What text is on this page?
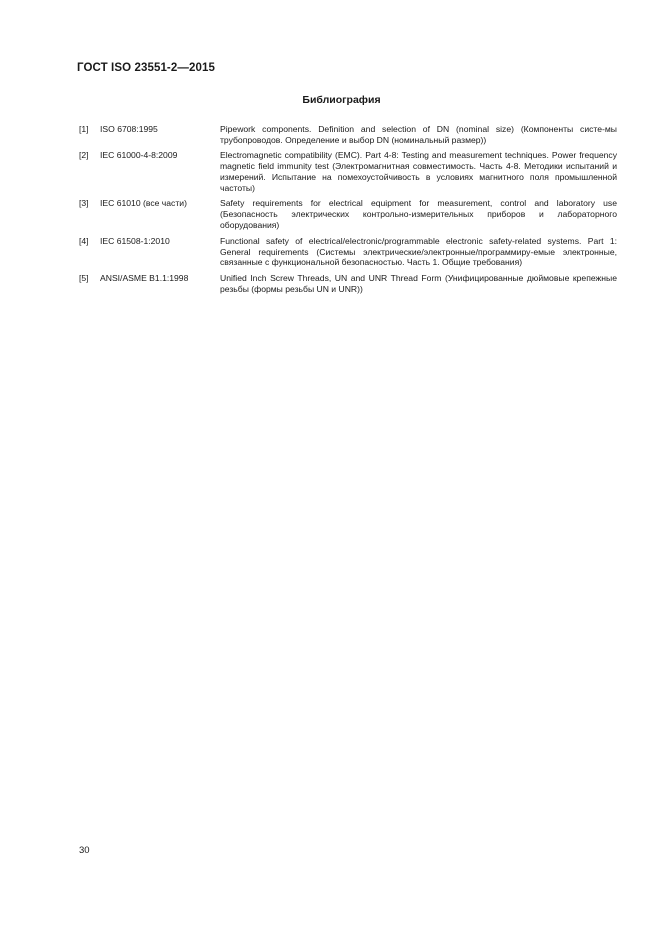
ГОСТ ISO 23551-2—2015
Библиография
[1] ISO 6708:1995	Pipework components. Definition and selection of DN (nominal size) (Компоненты систе-мы трубопроводов. Определение и выбор DN (номинальный размер))
[2] IEC 61000-4-8:2009	Electromagnetic compatibility (EMC). Part 4-8: Testing and measurement techniques. Power frequency magnetic field immunity test (Электромагнитная совместимость. Часть 4-8. Методики испытаний и измерений. Испытание на помехоустойчивость в условиях магнитного поля промышленной частоты)
[3] IEC 61010 (все части)	Safety requirements for electrical equipment for measurement, control and laboratory use (Безопасность электрических контрольно-измерительных приборов и лабораторного оборудования)
[4] IEC 61508-1:2010	Functional safety of electrical/electronic/programmable electronic safety-related systems. Part 1: General requirements (Системы электрические/электронные/программиру-емые электронные, связанные с функциональной безопасностью. Часть 1. Общие требования)
[5] ANSI/ASME B1.1:1998	Unified Inch Screw Threads, UN and UNR Thread Form (Унифицированные дюймовые крепежные резьбы (формы резьбы UN и UNR))
30
